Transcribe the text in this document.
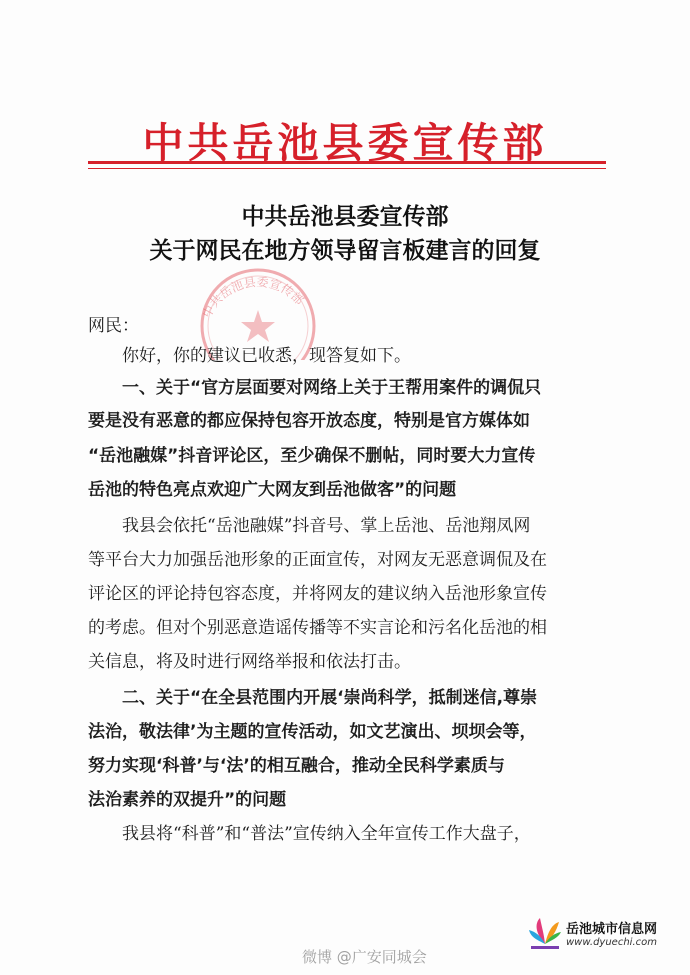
中共岳池县委宣传部
中共岳池县委宣传部
关于网民在地方领导留言板建言的回复
中共岳池县委宣传部
网民：
你好，你的建议已收悉，现答复如下。
一、关于“官方层面要对网络上关于王帮用案件的调侃只
要是没有恶意的都应保持包容开放态度，特别是官方媒体如
“岳池融媒”抖音评论区，至少确保不删帖，同时要大力宣传
岳池的特色亮点欢迎广大网友到岳池做客”的问题
我县会依托“岳池融媒”抖音号、掌上岳池、岳池翔凤网
等平台大力加强岳池形象的正面宣传，对网友无恶意调侃及在
评论区的评论持包容态度，并将网友的建议纳入岳池形象宣传
的考虑。但对个别恶意造谣传播等不实言论和污名化岳池的相
关信息，将及时进行网络举报和依法打击。
二、关于“在全县范围内开展‘崇尚科学，抵制迷信,尊崇
法治，敬法律’为主题的宣传活动，如文艺演出、坝坝会等，
努力实现‘科普’与‘法’的相互融合，推动全民科学素质与
法治素养的双提升”的问题
我县将“科普”和“普法”宣传纳入全年宣传工作大盘子，
微博 @广安同城会
岳池城市信息网
www.dyuechi.com
